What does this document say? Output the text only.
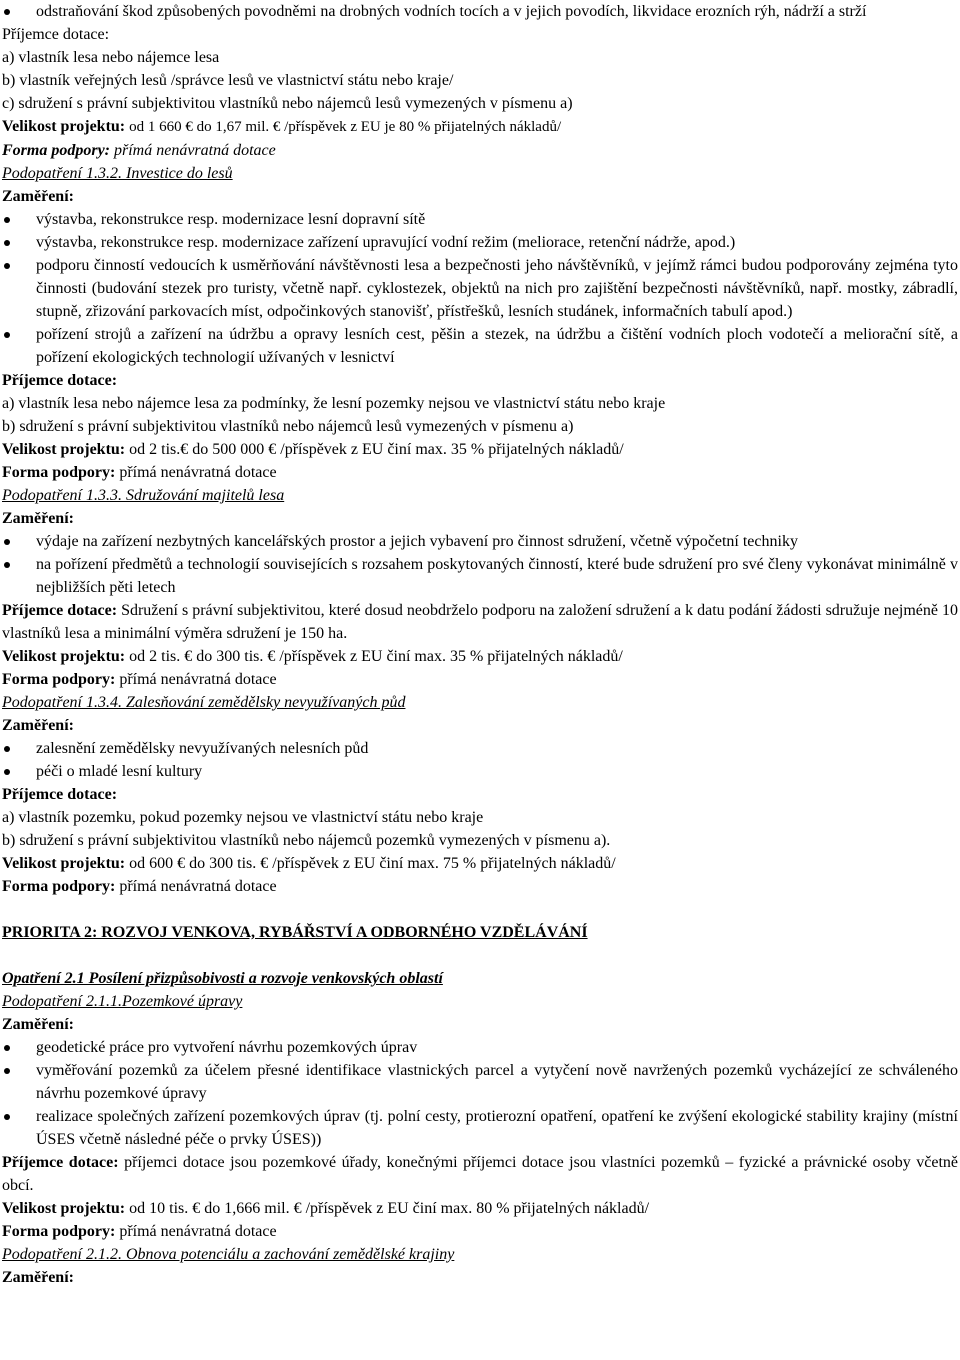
odstraňování škod způsobených povodněmi na drobných vodních tocích a v jejich povodích, likvidace erozních rýh, nádrží a strží
Příjemce dotace:
a) vlastník lesa nebo nájemce lesa
b) vlastník veřejných lesů /správce lesů ve vlastnictví státu nebo kraje/
c) sdružení s právní subjektivitou vlastníků nebo nájemců lesů vymezených v písmenu a)
Velikost projektu: od 1 660 € do 1,67 mil. € /příspěvek z EU je 80 % přijatelných nákladů/
Forma podpory: přímá nenávratná dotace
Podopatření 1.3.2. Investice do lesů
Zaměření:
výstavba, rekonstrukce resp. modernizace lesní dopravní sítě
výstavba, rekonstrukce resp. modernizace zařízení upravující vodní režim (meliorace, retenční nádrže, apod.)
podporu činností vedoucích k usměrňování návštěvnosti lesa a bezpečnosti jeho návštěvníků, v jejímž rámci budou podporovány zejména tyto činnosti (budování stezek pro turisty, včetně např. cyklostezek, objektů na nich pro zajištění bezpečnosti návštěvníků, např. mostky, zábradlí, stupně, zřizování parkovacích míst, odpočinkových stanovišť, přístřešků, lesních studánek, informačních tabulí apod.)
pořízení strojů a zařízení na údržbu a opravy lesních cest, pěšin a stezek, na údržbu a čištění vodních ploch vodotečí a meliorační sítě, a pořízení ekologických technologií užívaných v lesnictví
Příjemce dotace:
a) vlastník lesa nebo nájemce lesa za podmínky, že lesní pozemky nejsou ve vlastnictví státu nebo kraje
b) sdružení s právní subjektivitou vlastníků nebo nájemců lesů vymezených v písmenu a)
Velikost projektu: od 2 tis.€ do 500 000 € /příspěvek z EU činí max. 35 % přijatelných nákladů/
Forma podpory: přímá nenávratná dotace
Podopatření 1.3.3. Sdružování majitelů lesa
Zaměření:
výdaje na zařízení nezbytných kancelářských prostor a jejich vybavení pro činnost sdružení, včetně výpočetní techniky
na pořízení předmětů a technologií souvisejících s rozsahem poskytovaných činností, které bude sdružení pro své členy vykonávat minimálně v nejbližších pěti letech
Příjemce dotace: Sdružení s právní subjektivitou, které dosud neobdrželo podporu na založení sdružení a k datu podání žádosti sdružuje nejméně 10 vlastníků lesa a minimální výměra sdružení je 150 ha.
Velikost projektu: od 2 tis. € do 300 tis. € /příspěvek z EU činí max. 35 % přijatelných nákladů/
Forma podpory: přímá nenávratná dotace
Podopatření 1.3.4. Zalesňování zemědělsky nevyužívaných půd
Zaměření:
zalesnění zemědělsky nevyužívaných nelesních půd
péči o mladé lesní kultury
Příjemce dotace:
a) vlastník pozemku, pokud pozemky nejsou ve vlastnictví státu nebo kraje
b) sdružení s právní subjektivitou vlastníků nebo nájemců pozemků vymezených v písmenu a).
Velikost projektu: od 600 € do 300 tis. € /příspěvek z EU činí max. 75 % přijatelných nákladů/
Forma podpory: přímá nenávratná dotace
PRIORITA 2: ROZVOJ VENKOVA, RYBÁŘSTVÍ A ODBORNÉHO VZDĚLÁVÁNÍ
Opatření 2.1 Posílení přizpůsobivosti a rozvoje venkovských oblastí
Podopatření 2.1.1.Pozemkové úpravy
Zaměření:
geodetické práce pro vytvoření návrhu pozemkových úprav
vyměřování pozemků za účelem přesné identifikace vlastnických parcel a vytyčení nově navržených pozemků vycházející ze schváleného návrhu pozemkové úpravy
realizace společných zařízení pozemkových úprav (tj. polní cesty, protierozní opatření, opatření ke zvýšení ekologické stability krajiny (místní ÚSES včetně následné péče o prvky ÚSES))
Příjemce dotace: příjemci dotace jsou pozemkové úřady, konečnými příjemci dotace jsou vlastníci pozemků – fyzické a právnické osoby včetně obcí.
Velikost projektu: od 10 tis. € do 1,666 mil. € /příspěvek z EU činí max. 80 % přijatelných nákladů/
Forma podpory: přímá nenávratná dotace
Podopatření 2.1.2. Obnova potenciálu a zachování zemědělské krajiny
Zaměření:
